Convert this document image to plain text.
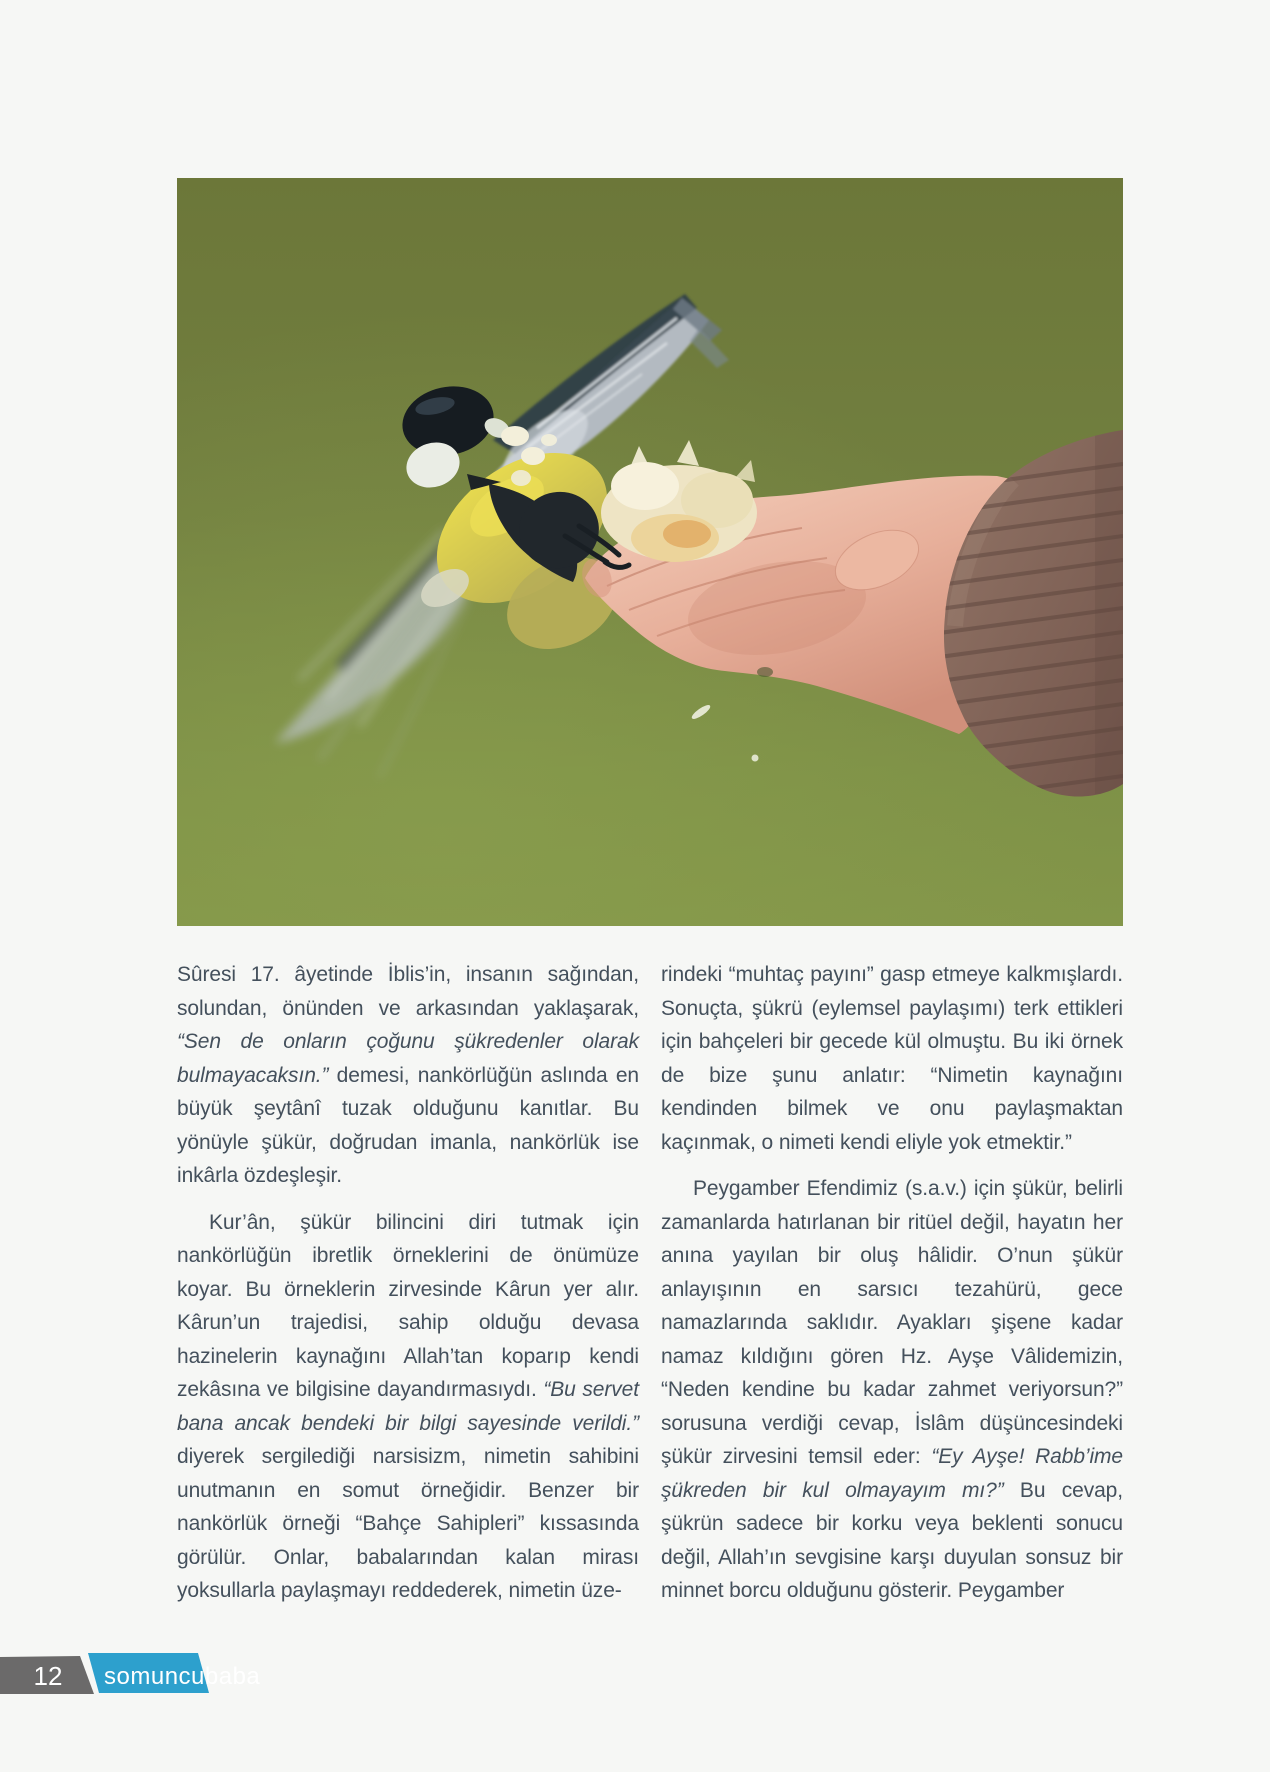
Sûresi 17. âyetinde İblis’in, insanın sağından, solundan, önünden ve arkasından yaklaşarak, “Sen de onların çoğunu şükredenler olarak bulmayacaksın.” demesi, nankörlüğün aslında en büyük şeytânî tuzak olduğunu kanıtlar. Bu yönüyle şükür, doğrudan imanla, nankörlük ise inkârla özdeşleşir.

Kur’ân, şükür bilincini diri tutmak için nankörlüğün ibretlik örneklerini de önümüze koyar. Bu örneklerin zirvesinde Kârun yer alır. Kârun’un trajedisi, sahip olduğu devasa hazinelerin kaynağını Allah’tan koparıp kendi zekâsına ve bilgisine dayandırmasıydı. “Bu servet bana ancak bendeki bir bilgi sayesinde verildi.” diyerek sergilediği narsisizm, nimetin sahibini unutmanın en somut örneğidir. Benzer bir nankörlük örneği “Bahçe Sahipleri” kıssasında görülür. Onlar, babalarından kalan mirası yoksullarla paylaşmayı reddederek, nimetin üze-

rindeki “muhtaç payını” gasp etmeye kalkmışlardı. Sonuçta, şükrü (eylemsel paylaşımı) terk ettikleri için bahçeleri bir gecede kül olmuştu. Bu iki örnek de bize şunu anlatır: “Nimetin kaynağını kendinden bilmek ve onu paylaşmaktan kaçınmak, o nimeti kendi eliyle yok etmektir.”

Peygamber Efendimiz (s.a.v.) için şükür, belirli zamanlarda hatırlanan bir ritüel değil, hayatın her anına yayılan bir oluş hâlidir. O’nun şükür anlayışının en sarsıcı tezahürü, gece namazlarında saklıdır. Ayakları şişene kadar namaz kıldığını gören Hz. Ayşe Vâlidemizin, “Neden kendine bu kadar zahmet veriyorsun?” sorusuna verdiği cevap, İslâm düşüncesindeki şükür zirvesini temsil eder: “Ey Ayşe! Rabb’ime şükreden bir kul olmayayım mı?” Bu cevap, şükrün sadece bir korku veya beklenti sonucu değil, Allah’ın sevgisine karşı duyulan sonsuz bir minnet borcu olduğunu gösterir. Peygamber

12 somuncubaba
